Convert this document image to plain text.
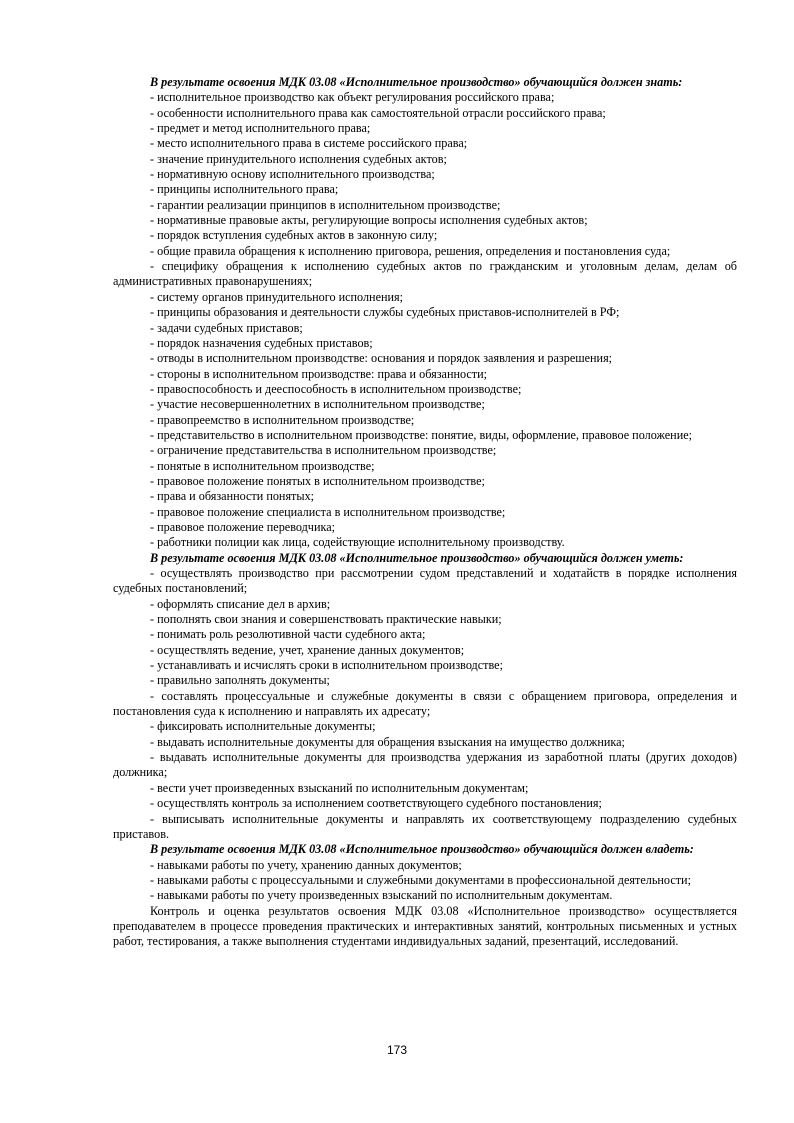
В результате освоения МДК 03.08 «Исполнительное производство» обучающийся должен знать:

- исполнительное производство как объект регулирования российского права;

- особенности исполнительного права как самостоятельной отрасли российского права;

- предмет и метод исполнительного права;

- место исполнительного права в системе российского права;

- значение принудительного исполнения судебных актов;

- нормативную основу исполнительного производства;

- принципы исполнительного права;

- гарантии реализации принципов в исполнительном производстве;

- нормативные правовые акты, регулирующие вопросы исполнения судебных актов;

- порядок вступления судебных актов в законную силу;

- общие правила обращения к исполнению приговора, решения, определения и постановления суда;

- специфику обращения к исполнению судебных актов по гражданским и уголовным делам, делам об административных правонарушениях;

- систему органов принудительного исполнения;

- принципы образования и деятельности службы судебных приставов-исполнителей в РФ;

- задачи судебных приставов;

- порядок назначения судебных приставов;

- отводы в исполнительном производстве: основания и порядок заявления и разрешения;

- стороны в исполнительном производстве: права и обязанности;

- правоспособность и дееспособность в исполнительном производстве;

- участие несовершеннолетних в исполнительном производстве;

- правопреемство в исполнительном производстве;

- представительство в исполнительном производстве: понятие, виды, оформление, правовое положение;

- ограничение представительства в исполнительном производстве;

- понятые в исполнительном производстве;

- правовое положение понятых в исполнительном производстве;

- права и обязанности понятых;

- правовое положение специалиста в исполнительном производстве;

- правовое положение переводчика;

- работники полиции как лица, содействующие исполнительному производству.

В результате освоения МДК 03.08 «Исполнительное производство» обучающийся должен уметь:

- осуществлять производство при рассмотрении судом представлений и ходатайств в порядке исполнения судебных постановлений;

- оформлять списание дел в архив;

- пополнять свои знания и совершенствовать практические навыки;

- понимать роль резолютивной части судебного акта;

- осуществлять ведение, учет, хранение данных документов;

- устанавливать и исчислять сроки в исполнительном производстве;

- правильно заполнять документы;

- составлять процессуальные и служебные документы в связи с обращением приговора, определения и постановления суда к исполнению и направлять их адресату;

- фиксировать исполнительные документы;

- выдавать исполнительные документы для обращения взыскания на имущество должника;

- выдавать исполнительные документы для производства удержания из заработной платы (других доходов) должника;

- вести учет произведенных взысканий по исполнительным документам;

- осуществлять контроль за исполнением соответствующего судебного постановления;

- выписывать исполнительные документы и направлять их соответствующему подразделению судебных приставов.

В результате освоения МДК 03.08 «Исполнительное производство» обучающийся должен владеть:

- навыками работы по учету, хранению данных документов;

- навыками работы с процессуальными и служебными документами в профессиональной деятельности;

- навыками работы по учету произведенных взысканий по исполнительным документам.

Контроль и оценка результатов освоения МДК 03.08 «Исполнительное производство» осуществляется преподавателем в процессе проведения практических и интерактивных занятий, контрольных письменных и устных работ, тестирования, а также выполнения студентами индивидуальных заданий, презентаций, исследований.

173
